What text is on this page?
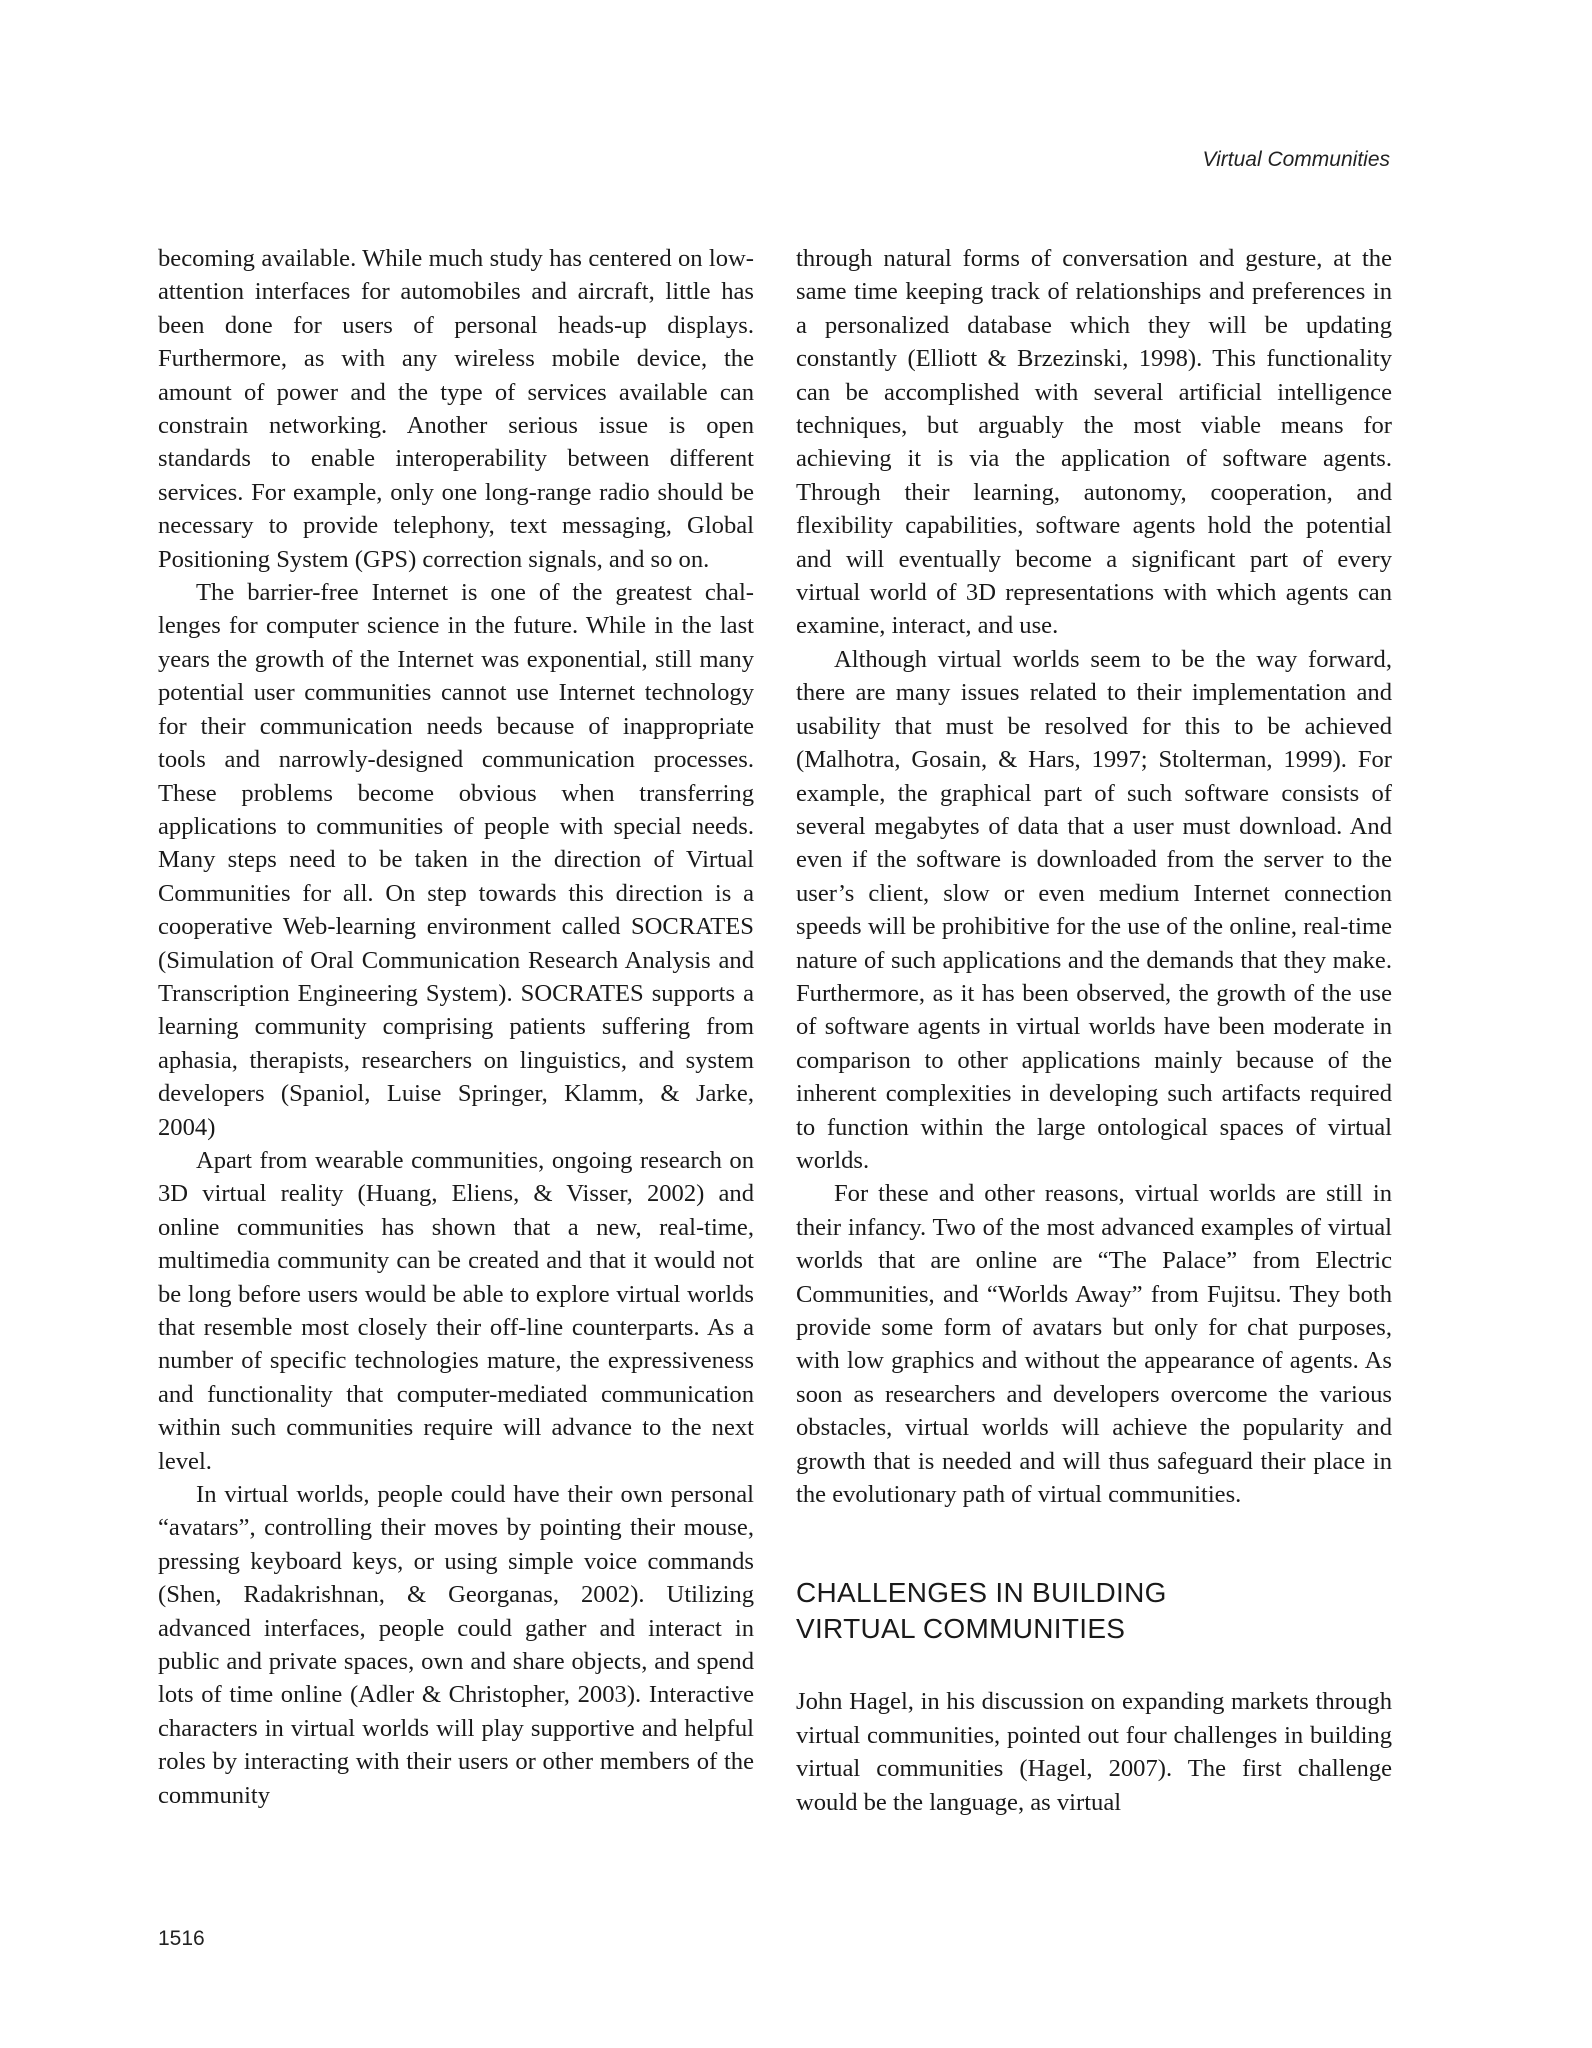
Virtual Communities

becoming available. While much study has centered on low-attention interfaces for automobiles and aircraft, little has been done for users of personal heads-up displays. Furthermore, as with any wireless mobile device, the amount of power and the type of services available can constrain networking. Another serious issue is open standards to enable interoperability between different services. For example, only one long-range radio should be necessary to provide telephony, text messaging, Global Positioning System (GPS) correction signals, and so on.

The barrier-free Internet is one of the greatest challenges for computer science in the future. While in the last years the growth of the Internet was exponential, still many potential user communities cannot use Internet technology for their communication needs because of inappropriate tools and narrowly-designed communication processes. These problems become obvious when transferring applications to communities of people with special needs. Many steps need to be taken in the direction of Virtual Communities for all. On step towards this direction is a cooperative Web-learning environment called SOCRATES (Simulation of Oral Communication Research Analysis and Transcription Engineering System). SOCRATES supports a learning community comprising patients suffering from aphasia, therapists, researchers on linguistics, and system developers (Spaniol, Luise Springer, Klamm, & Jarke, 2004)

Apart from wearable communities, ongoing research on 3D virtual reality (Huang, Eliens, & Visser, 2002) and online communities has shown that a new, real-time, multimedia community can be created and that it would not be long before users would be able to explore virtual worlds that resemble most closely their off-line counterparts. As a number of specific technologies mature, the expressiveness and functionality that computer-mediated communication within such communities require will advance to the next level.

In virtual worlds, people could have their own personal “avatars”, controlling their moves by pointing their mouse, pressing keyboard keys, or using simple voice commands (Shen, Radakrishnan, & Georganas, 2002). Utilizing advanced interfaces, people could gather and interact in public and private spaces, own and share objects, and spend lots of time online (Adler & Christopher, 2003). Interactive characters in virtual worlds will play supportive and helpful roles by interacting with their users or other members of the community

through natural forms of conversation and gesture, at the same time keeping track of relationships and preferences in a personalized database which they will be updating constantly (Elliott & Brzezinski, 1998). This functionality can be accomplished with several artificial intelligence techniques, but arguably the most viable means for achieving it is via the application of software agents. Through their learning, autonomy, cooperation, and flexibility capabilities, software agents hold the potential and will eventually become a significant part of every virtual world of 3D representations with which agents can examine, interact, and use.

Although virtual worlds seem to be the way forward, there are many issues related to their implementation and usability that must be resolved for this to be achieved (Malhotra, Gosain, & Hars, 1997; Stolterman, 1999). For example, the graphical part of such software consists of several megabytes of data that a user must download. And even if the software is downloaded from the server to the user’s client, slow or even medium Internet connection speeds will be prohibitive for the use of the online, real-time nature of such applications and the demands that they make. Furthermore, as it has been observed, the growth of the use of software agents in virtual worlds have been moderate in comparison to other applications mainly because of the inherent complexities in developing such artifacts required to function within the large ontological spaces of virtual worlds.

For these and other reasons, virtual worlds are still in their infancy. Two of the most advanced examples of virtual worlds that are online are “The Palace” from Electric Communities, and “Worlds Away” from Fujitsu. They both provide some form of avatars but only for chat purposes, with low graphics and without the appearance of agents. As soon as researchers and developers overcome the various obstacles, virtual worlds will achieve the popularity and growth that is needed and will thus safeguard their place in the evolutionary path of virtual communities.

CHALLENGES IN BUILDING
VIRTUAL COMMUNITIES

John Hagel, in his discussion on expanding markets through virtual communities, pointed out four challenges in building virtual communities (Hagel, 2007). The first challenge would be the language, as virtual

1516
